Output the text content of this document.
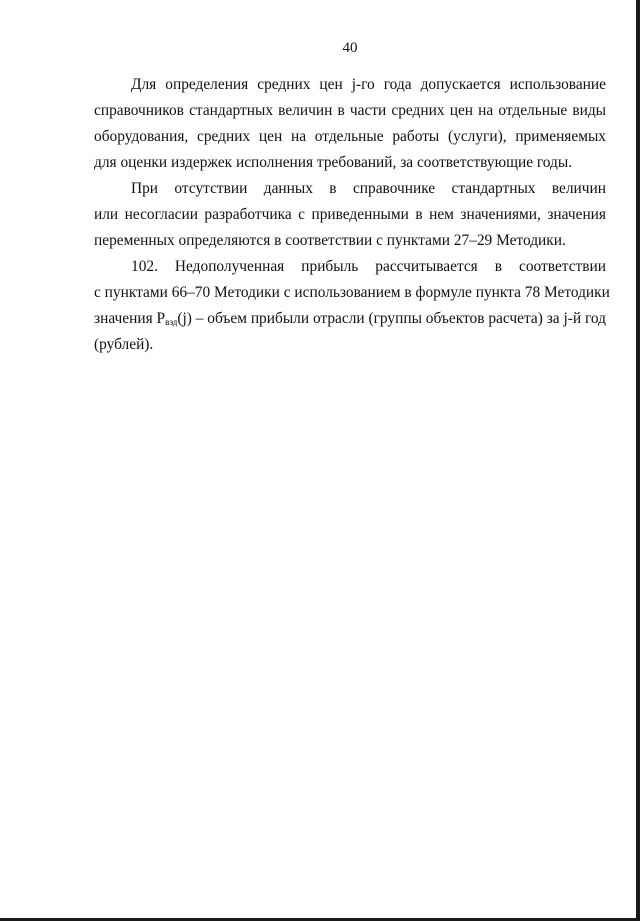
40
Для определения средних цен j-го года допускается использование
справочников стандартных величин в части средних цен на отдельные виды
оборудования, средних цен на отдельные работы (услуги), применяемых
для оценки издержек исполнения требований, за соответствующие годы.
При отсутствии данных в справочнике стандартных величин
или несогласии разработчика с приведенными в нем значениями, значения
переменных определяются в соответствии с пунктами 27–29 Методики.
102. Недополученная прибыль рассчитывается в соответствии
с пунктами 66–70 Методики с использованием в формуле пункта 78 Методики
значения $P_{вэд}(j)$ – объем прибыли отрасли (группы объектов расчета) за j-й год
(рублей).
